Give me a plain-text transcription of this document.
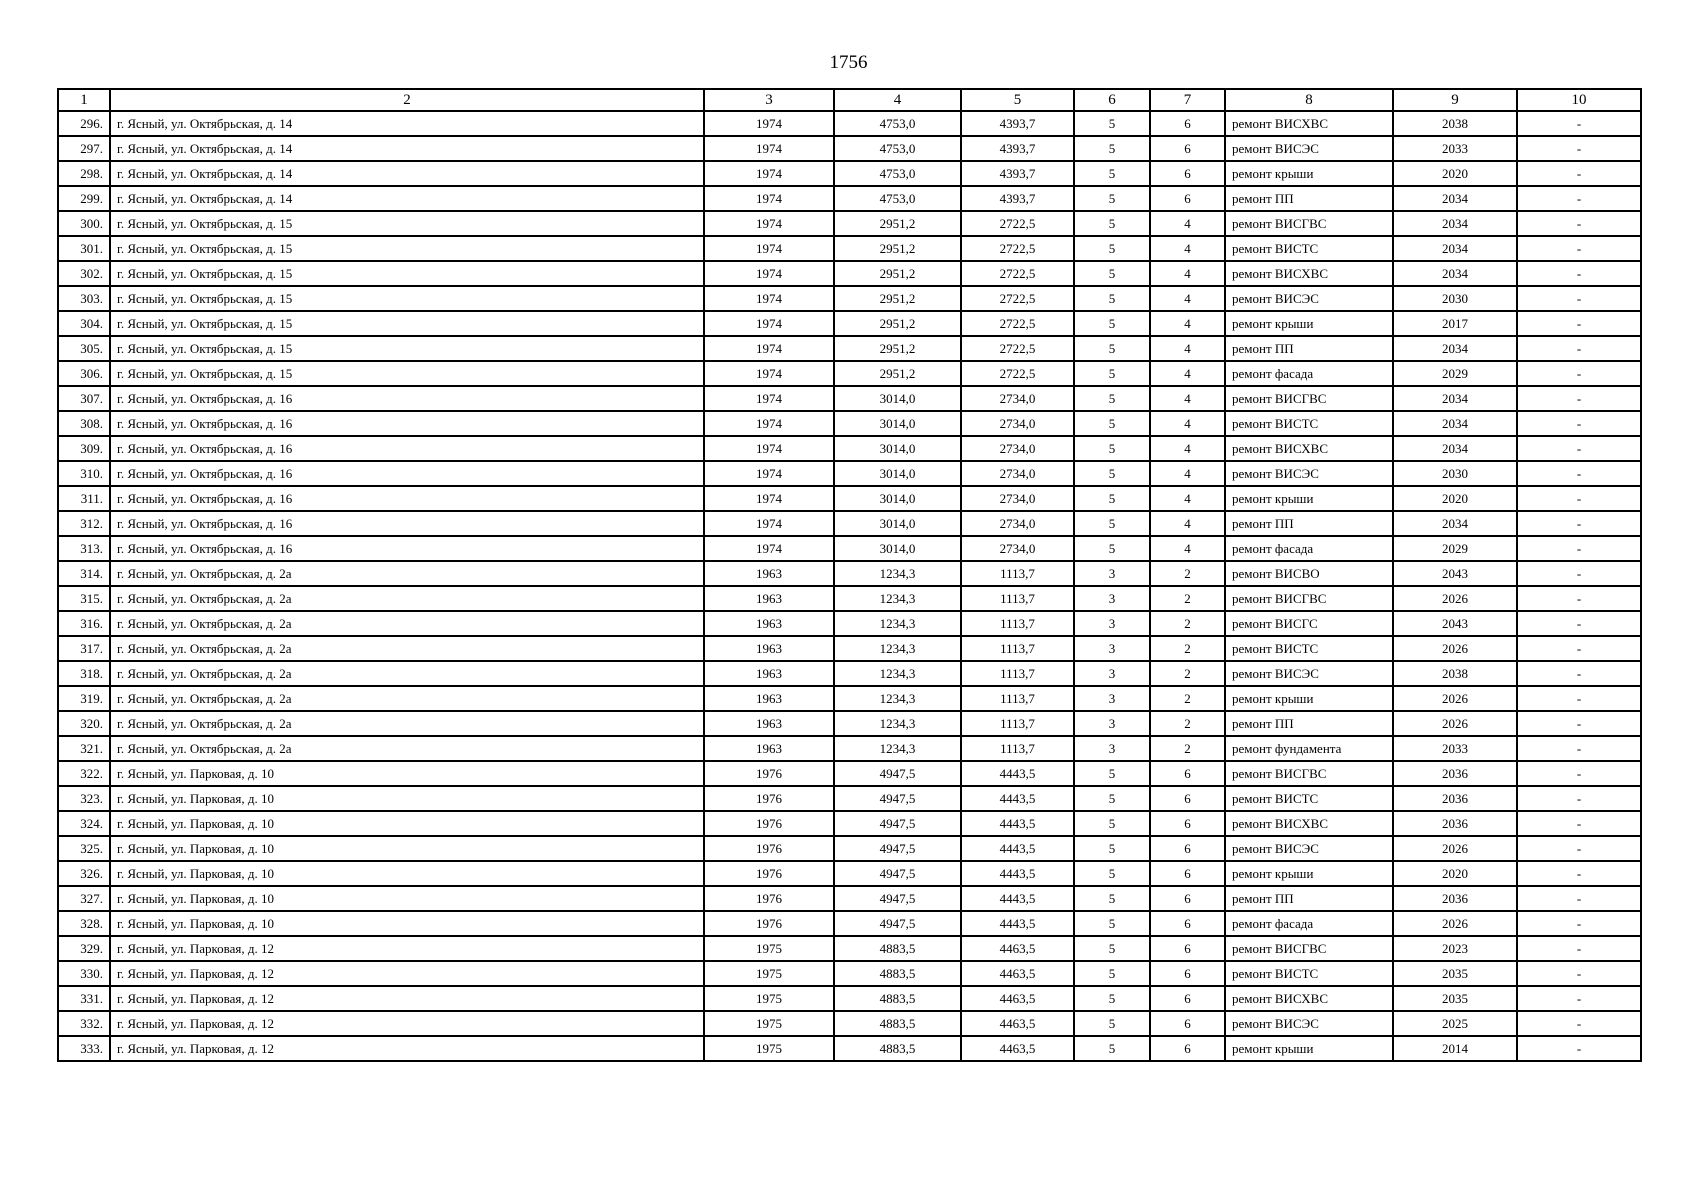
1756
1	2	3	4	5	6	7	8	9	10
296.	г. Ясный, ул. Октябрьская, д. 14	1974	4753,0	4393,7	5	6	ремонт ВИСХВС	2038	-
297.	г. Ясный, ул. Октябрьская, д. 14	1974	4753,0	4393,7	5	6	ремонт ВИСЭС	2033	-
298.	г. Ясный, ул. Октябрьская, д. 14	1974	4753,0	4393,7	5	6	ремонт крыши	2020	-
299.	г. Ясный, ул. Октябрьская, д. 14	1974	4753,0	4393,7	5	6	ремонт ПП	2034	-
300.	г. Ясный, ул. Октябрьская, д. 15	1974	2951,2	2722,5	5	4	ремонт ВИСГВС	2034	-
301.	г. Ясный, ул. Октябрьская, д. 15	1974	2951,2	2722,5	5	4	ремонт ВИСТС	2034	-
302.	г. Ясный, ул. Октябрьская, д. 15	1974	2951,2	2722,5	5	4	ремонт ВИСХВС	2034	-
303.	г. Ясный, ул. Октябрьская, д. 15	1974	2951,2	2722,5	5	4	ремонт ВИСЭС	2030	-
304.	г. Ясный, ул. Октябрьская, д. 15	1974	2951,2	2722,5	5	4	ремонт крыши	2017	-
305.	г. Ясный, ул. Октябрьская, д. 15	1974	2951,2	2722,5	5	4	ремонт ПП	2034	-
306.	г. Ясный, ул. Октябрьская, д. 15	1974	2951,2	2722,5	5	4	ремонт фасада	2029	-
307.	г. Ясный, ул. Октябрьская, д. 16	1974	3014,0	2734,0	5	4	ремонт ВИСГВС	2034	-
308.	г. Ясный, ул. Октябрьская, д. 16	1974	3014,0	2734,0	5	4	ремонт ВИСТС	2034	-
309.	г. Ясный, ул. Октябрьская, д. 16	1974	3014,0	2734,0	5	4	ремонт ВИСХВС	2034	-
310.	г. Ясный, ул. Октябрьская, д. 16	1974	3014,0	2734,0	5	4	ремонт ВИСЭС	2030	-
311.	г. Ясный, ул. Октябрьская, д. 16	1974	3014,0	2734,0	5	4	ремонт крыши	2020	-
312.	г. Ясный, ул. Октябрьская, д. 16	1974	3014,0	2734,0	5	4	ремонт ПП	2034	-
313.	г. Ясный, ул. Октябрьская, д. 16	1974	3014,0	2734,0	5	4	ремонт фасада	2029	-
314.	г. Ясный, ул. Октябрьская, д. 2а	1963	1234,3	1113,7	3	2	ремонт ВИСВО	2043	-
315.	г. Ясный, ул. Октябрьская, д. 2а	1963	1234,3	1113,7	3	2	ремонт ВИСГВС	2026	-
316.	г. Ясный, ул. Октябрьская, д. 2а	1963	1234,3	1113,7	3	2	ремонт ВИСГС	2043	-
317.	г. Ясный, ул. Октябрьская, д. 2а	1963	1234,3	1113,7	3	2	ремонт ВИСТС	2026	-
318.	г. Ясный, ул. Октябрьская, д. 2а	1963	1234,3	1113,7	3	2	ремонт ВИСЭС	2038	-
319.	г. Ясный, ул. Октябрьская, д. 2а	1963	1234,3	1113,7	3	2	ремонт крыши	2026	-
320.	г. Ясный, ул. Октябрьская, д. 2а	1963	1234,3	1113,7	3	2	ремонт ПП	2026	-
321.	г. Ясный, ул. Октябрьская, д. 2а	1963	1234,3	1113,7	3	2	ремонт фундамента	2033	-
322.	г. Ясный, ул. Парковая, д. 10	1976	4947,5	4443,5	5	6	ремонт ВИСГВС	2036	-
323.	г. Ясный, ул. Парковая, д. 10	1976	4947,5	4443,5	5	6	ремонт ВИСТС	2036	-
324.	г. Ясный, ул. Парковая, д. 10	1976	4947,5	4443,5	5	6	ремонт ВИСХВС	2036	-
325.	г. Ясный, ул. Парковая, д. 10	1976	4947,5	4443,5	5	6	ремонт ВИСЭС	2026	-
326.	г. Ясный, ул. Парковая, д. 10	1976	4947,5	4443,5	5	6	ремонт крыши	2020	-
327.	г. Ясный, ул. Парковая, д. 10	1976	4947,5	4443,5	5	6	ремонт ПП	2036	-
328.	г. Ясный, ул. Парковая, д. 10	1976	4947,5	4443,5	5	6	ремонт фасада	2026	-
329.	г. Ясный, ул. Парковая, д. 12	1975	4883,5	4463,5	5	6	ремонт ВИСГВС	2023	-
330.	г. Ясный, ул. Парковая, д. 12	1975	4883,5	4463,5	5	6	ремонт ВИСТС	2035	-
331.	г. Ясный, ул. Парковая, д. 12	1975	4883,5	4463,5	5	6	ремонт ВИСХВС	2035	-
332.	г. Ясный, ул. Парковая, д. 12	1975	4883,5	4463,5	5	6	ремонт ВИСЭС	2025	-
333.	г. Ясный, ул. Парковая, д. 12	1975	4883,5	4463,5	5	6	ремонт крыши	2014	-
